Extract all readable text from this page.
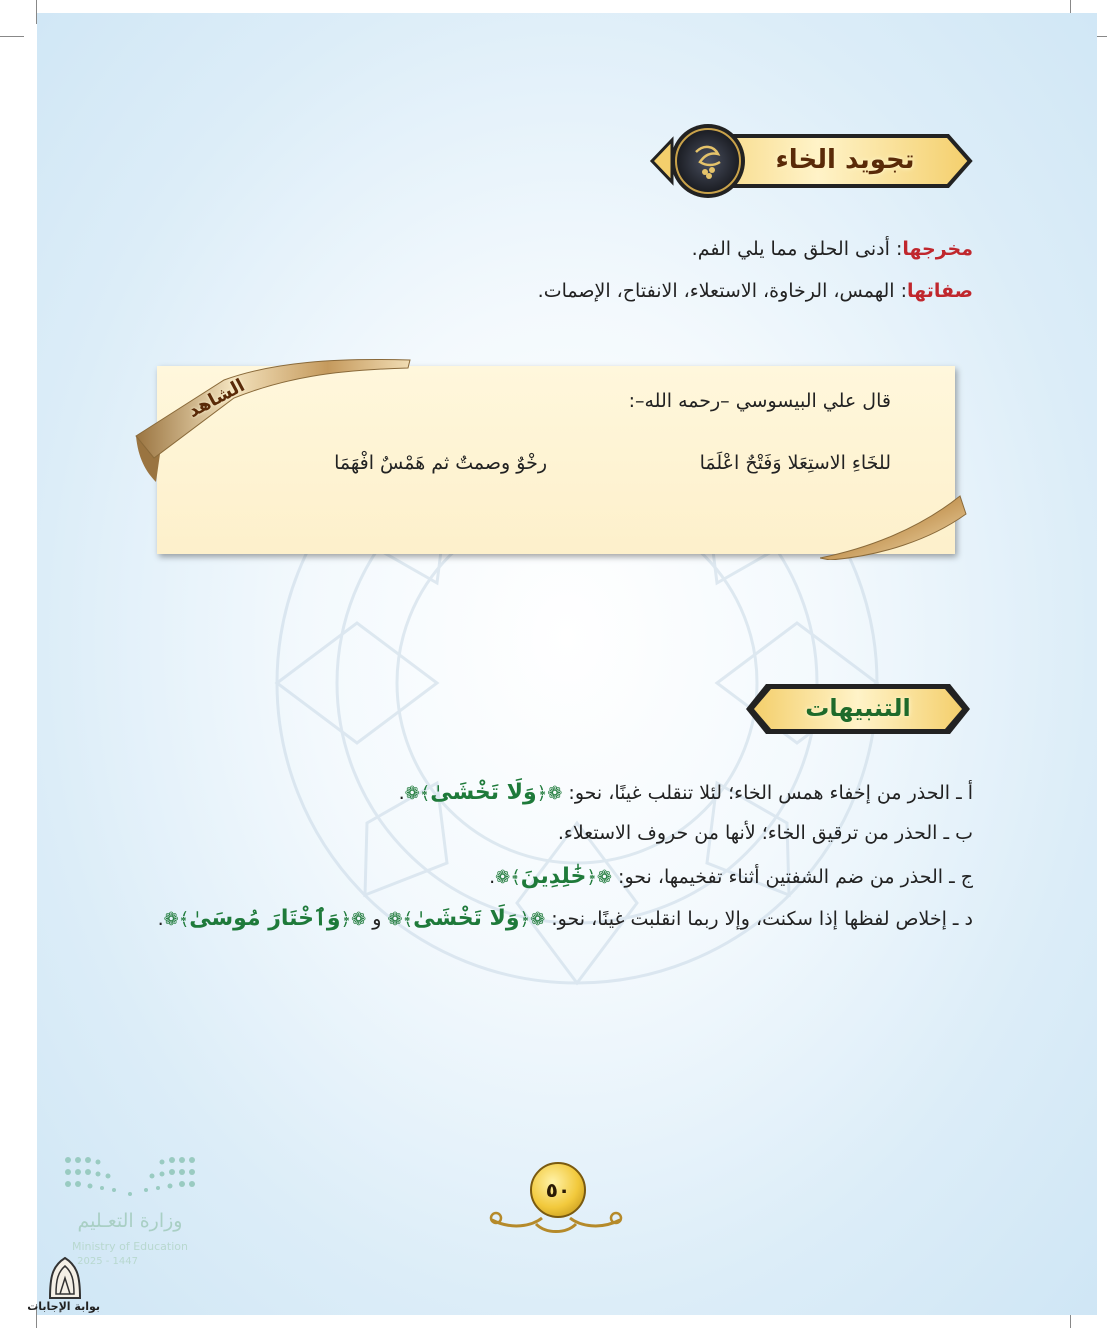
تجويد الخاء
مخرجها: أدنى الحلق مما يلي الفم.
صفاتها: الهمس، الرخاوة، الاستعلاء، الانفتاح، الإصمات.
قال علي البيسوسي –رحمه الله–:
للخَاءِ الاستِعَلا وَفَتْحٌ اعْلَمَا
رخْوٌ وصمتٌ ثم هَمْسٌ افْهَمَا
الشاهد
التنبيهات
أ ـ الحذر من إخفاء همس الخاء؛ لئلا تنقلب غينًا، نحو: ❁﴿وَلَا تَخْشَىٰ﴾❁.
ب ـ الحذر من ترقيق الخاء؛ لأنها من حروف الاستعلاء.
ج ـ الحذر من ضم الشفتين أثناء تفخيمها، نحو: ❁﴿خَٰلِدِينَ﴾❁.
د ـ إخلاص لفظها إذا سكنت، وإلا ربما انقلبت غينًا، نحو: ❁﴿وَلَا تَخْشَىٰ﴾❁ و ❁﴿وَٱخْتَارَ مُوسَىٰ﴾❁.
٥٠
وزارة التعـليم
Ministry of Education
2025 - 1447
بوابة الإجابات
